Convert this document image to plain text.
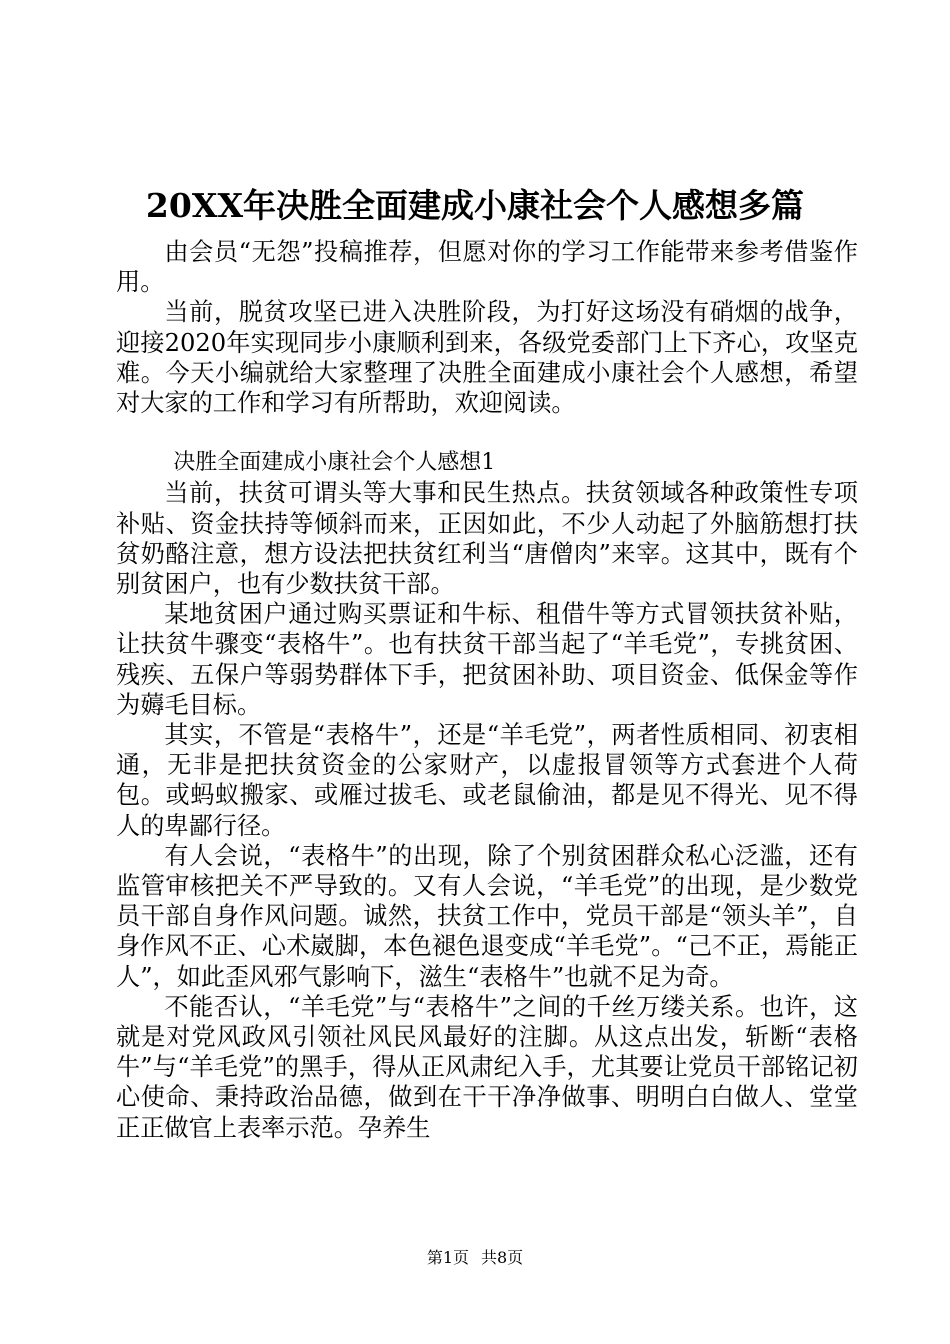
20XX年决胜全面建成小康社会个人感想多篇

由会员“无怨”投稿推荐，但愿对你的学习工作能带来参考借鉴作用。

当前，脱贫攻坚已进入决胜阶段，为打好这场没有硝烟的战争，迎接2020年实现同步小康顺利到来，各级党委部门上下齐心，攻坚克难。今天小编就给大家整理了决胜全面建成小康社会个人感想，希望对大家的工作和学习有所帮助，欢迎阅读。

决胜全面建成小康社会个人感想1

当前，扶贫可谓头等大事和民生热点。扶贫领域各种政策性专项补贴、资金扶持等倾斜而来，正因如此，不少人动起了外脑筋想打扶贫奶酪注意，想方设法把扶贫红利当“唐僧肉”来宰。这其中，既有个别贫困户，也有少数扶贫干部。

某地贫困户通过购买票证和牛标、租借牛等方式冒领扶贫补贴，让扶贫牛骤变“表格牛”。也有扶贫干部当起了“羊毛党”，专挑贫困、残疾、五保户等弱势群体下手，把贫困补助、项目资金、低保金等作为薅毛目标。

其实，不管是“表格牛”，还是“羊毛党”，两者性质相同、初衷相通，无非是把扶贫资金的公家财产，以虚报冒领等方式套进个人荷包。或蚂蚁搬家、或雁过拔毛、或老鼠偷油，都是见不得光、见不得人的卑鄙行径。

有人会说，“表格牛”的出现，除了个别贫困群众私心泛滥，还有监管审核把关不严导致的。又有人会说，“羊毛党”的出现，是少数党员干部自身作风问题。诚然，扶贫工作中，党员干部是“领头羊”，自身作风不正、心术崴脚，本色褪色退变成“羊毛党”。“己不正，焉能正人”，如此歪风邪气影响下，滋生“表格牛”也就不足为奇。

不能否认，“羊毛党”与“表格牛”之间的千丝万缕关系。也许，这就是对党风政风引领社风民风最好的注脚。从这点出发，斩断“表格牛”与“羊毛党”的黑手，得从正风肃纪入手，尤其要让党员干部铭记初心使命、秉持政治品德，做到在干干净净做事、明明白白做人、堂堂正正做官上表率示范。孕养生

第1页 共8页
